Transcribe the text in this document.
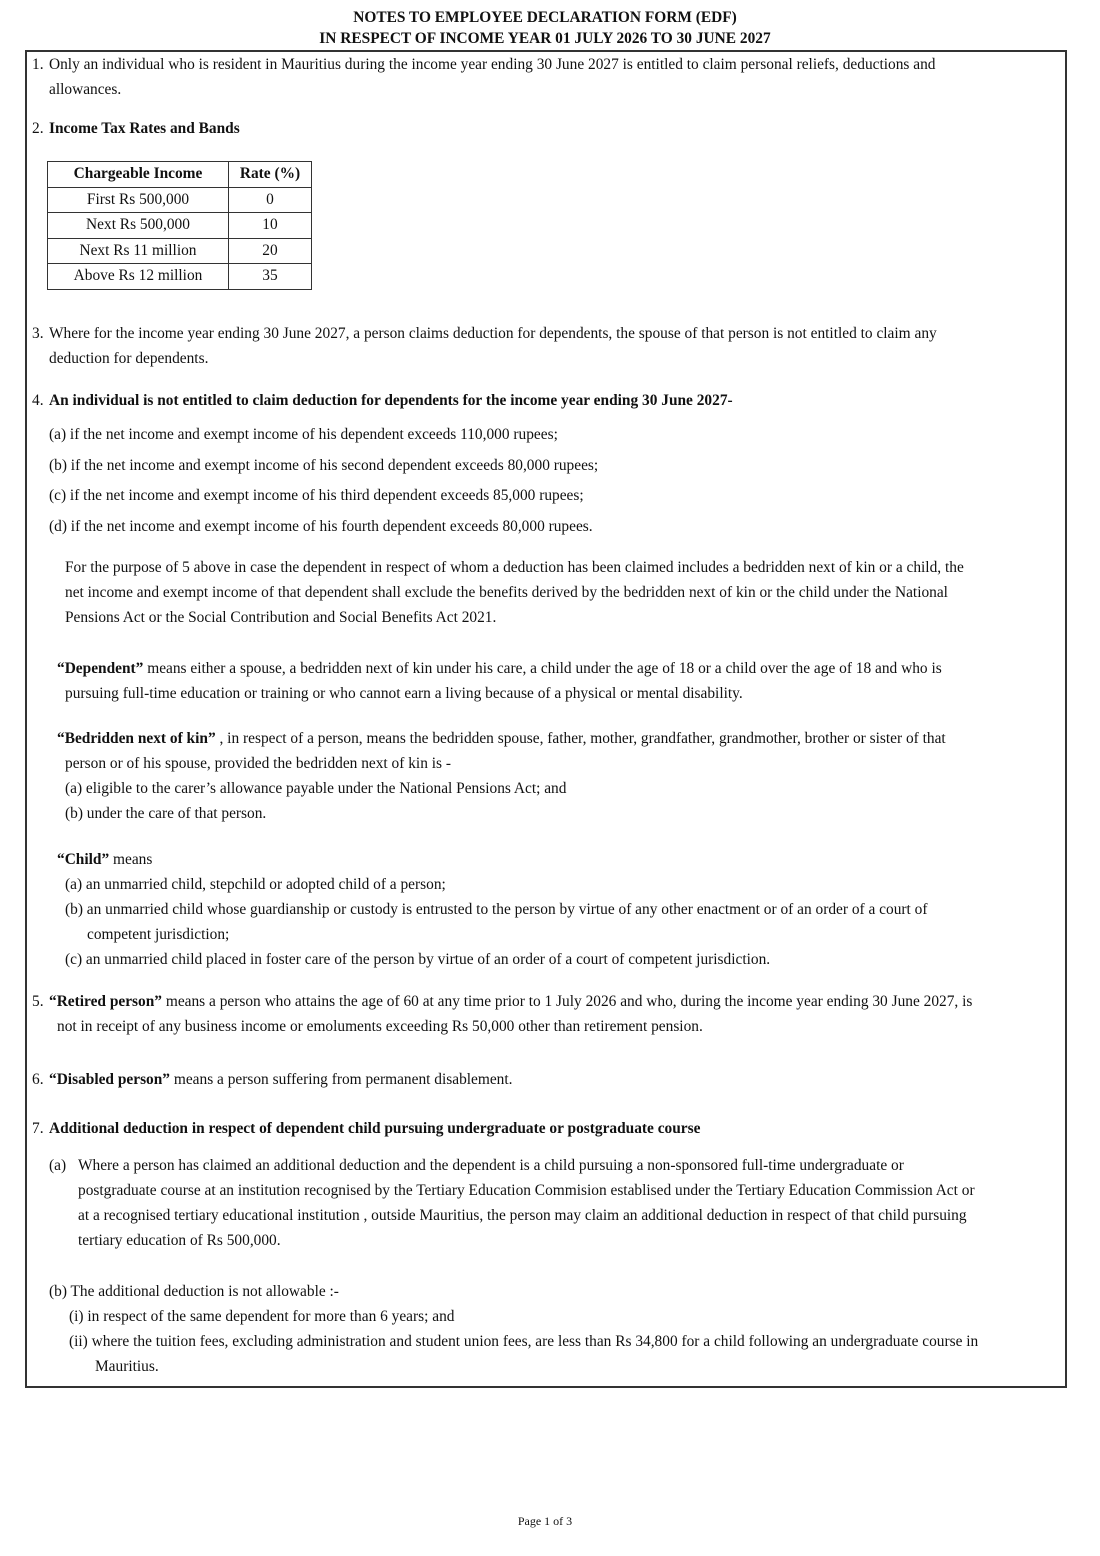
NOTES TO EMPLOYEE DECLARATION FORM (EDF)
IN RESPECT OF INCOME YEAR 01 JULY 2026 TO 30 JUNE 2027
1. Only an individual who is resident in Mauritius during the income year ending 30 June 2027 is entitled to claim personal reliefs, deductions and
allowances.
2. Income Tax Rates and Bands
Chargeable Income	Rate (%)
First Rs 500,000	0
Next Rs 500,000	10
Next Rs 11 million	20
Above Rs 12 million	35
3. Where for the income year ending 30 June 2027, a person claims deduction for dependents, the spouse of that person is not entitled to claim any
deduction for dependents.
4. An individual is not entitled to claim deduction for dependents for the income year ending 30 June 2027-
(a) if the net income and exempt income of his dependent exceeds 110,000 rupees;
(b) if the net income and exempt income of his second dependent exceeds 80,000 rupees;
(c) if the net income and exempt income of his third dependent exceeds 85,000 rupees;
(d) if the net income and exempt income of his fourth dependent exceeds 80,000 rupees.
For the purpose of 5 above in case the dependent in respect of whom a deduction has been claimed includes a bedridden next of kin or a child, the
net income and exempt income of that dependent shall exclude the benefits derived by the bedridden next of kin or the child under the National
Pensions Act or the Social Contribution and Social Benefits Act 2021.
“Dependent” means either a spouse, a bedridden next of kin under his care, a child under the age of 18 or a child over the age of 18 and who is
pursuing full-time education or training or who cannot earn a living because of a physical or mental disability.
“Bedridden next of kin” , in respect of a person, means the bedridden spouse, father, mother, grandfather, grandmother, brother or sister of that
person or of his spouse, provided the bedridden next of kin is -
(a) eligible to the carer’s allowance payable under the National Pensions Act; and
(b) under the care of that person.
“Child” means
(a) an unmarried child, stepchild or adopted child of a person;
(b) an unmarried child whose guardianship or custody is entrusted to the person by virtue of any other enactment or of an order of a court of
competent jurisdiction;
(c) an unmarried child placed in foster care of the person by virtue of an order of a court of competent jurisdiction.
5. “Retired person” means a person who attains the age of 60 at any time prior to 1 July 2026 and who, during the income year ending 30 June 2027, is
not in receipt of any business income or emoluments exceeding Rs 50,000 other than retirement pension.
6. “Disabled person” means a person suffering from permanent disablement.
7. Additional deduction in respect of dependent child pursuing undergraduate or postgraduate course
(a) Where a person has claimed an additional deduction and the dependent is a child pursuing a non-sponsored full-time undergraduate or
postgraduate course at an institution recognised by the Tertiary Education Commision establised under the Tertiary Education Commission Act or
at a recognised tertiary educational institution , outside Mauritius, the person may claim an additional deduction in respect of that child pursuing
tertiary education of Rs 500,000.
(b) The additional deduction is not allowable :-
(i) in respect of the same dependent for more than 6 years; and
(ii) where the tuition fees, excluding administration and student union fees, are less than Rs 34,800 for a child following an undergraduate course in
Mauritius.
Page 1 of 3
